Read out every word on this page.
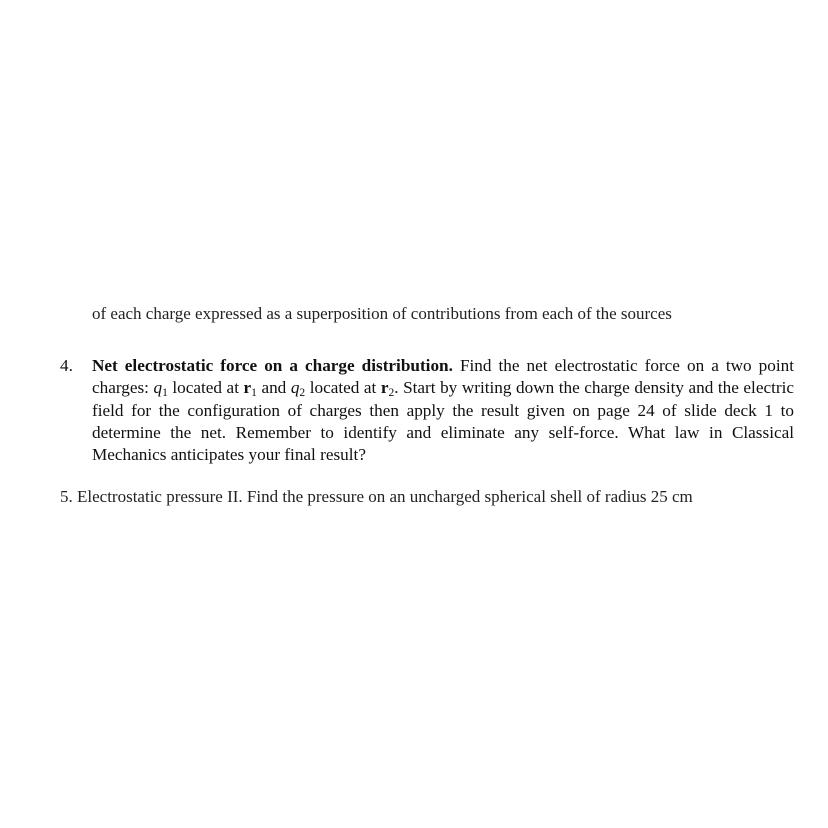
of each charge expressed as a superposition of contributions from each of the sources
4. Net electrostatic force on a charge distribution. Find the net electrostatic force on a two point charges: $q_1$ located at $r_1$ and $q_2$ located at $r_2$. Start by writing down the charge density and the electric field for the configuration of charges then apply the result given on page 24 of slide deck 1 to determine the net. Remember to identify and eliminate any self-force. What law in Classical Mechanics anticipates your final result?
5. Electrostatic pressure II. Find the pressure on an uncharged spherical shell of radius 25 cm
